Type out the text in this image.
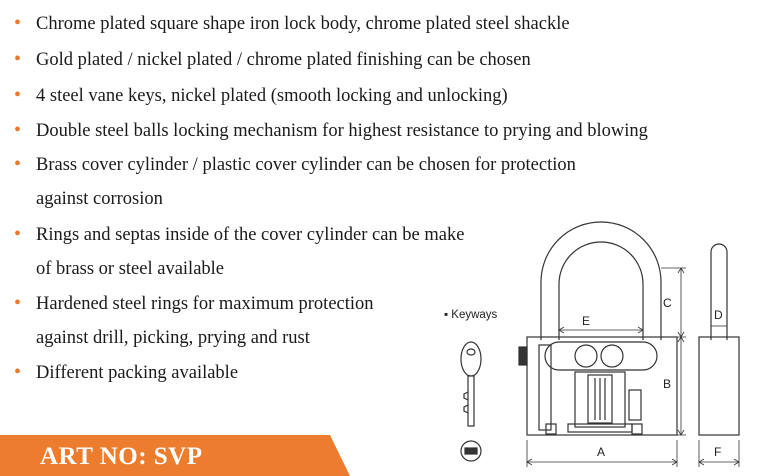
• Chrome plated square shape iron lock body, chrome plated steel shackle
• Gold plated / nickel plated / chrome plated finishing can be chosen
• 4 steel vane keys, nickel plated (smooth locking and unlocking)
• Double steel balls locking mechanism for highest resistance to prying and blowing
• Brass cover cylinder / plastic cover cylinder can be chosen for protection
against corrosion
• Rings and septas inside of the cover cylinder can be make
of brass or steel available
• Hardened steel rings for maximum protection
against drill, picking, prying and rust
• Different packing available
ART NO: SVP
▪ Keyways
C
B
E
A
D
F
